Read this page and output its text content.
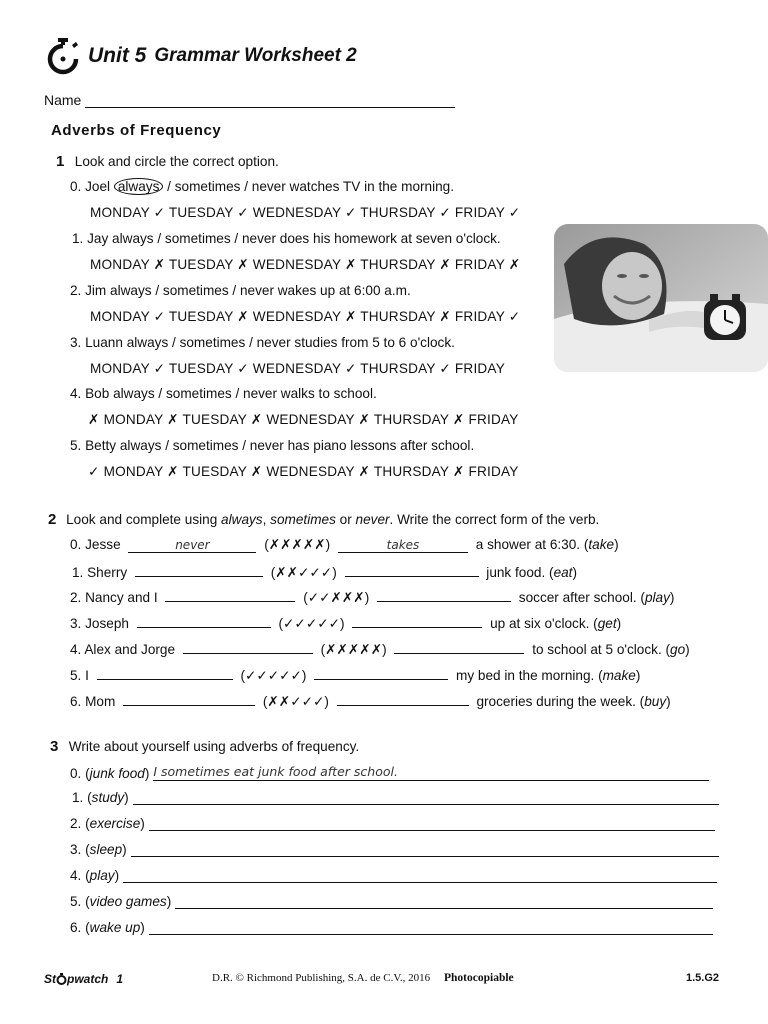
Unit 5 Grammar Worksheet 2
Name
Adverbs of Frequency
1 Look and circle the correct option.
0. Joel always / sometimes / never watches TV in the morning.
MONDAY ✓ TUESDAY ✓ WEDNESDAY ✓ THURSDAY ✓ FRIDAY ✓
1. Jay always / sometimes / never does his homework at seven o'clock.
MONDAY ✗ TUESDAY ✗ WEDNESDAY ✗ THURSDAY ✗ FRIDAY ✗
2. Jim always / sometimes / never wakes up at 6:00 a.m.
MONDAY ✓ TUESDAY ✗ WEDNESDAY ✗ THURSDAY ✗ FRIDAY ✓
3. Luann always / sometimes / never studies from 5 to 6 o'clock.
MONDAY ✓ TUESDAY ✓ WEDNESDAY ✓ THURSDAY ✓ FRIDAY
4. Bob always / sometimes / never walks to school.
✗ MONDAY ✗ TUESDAY ✗ WEDNESDAY ✗ THURSDAY ✗ FRIDAY
5. Betty always / sometimes / never has piano lessons after school.
✓ MONDAY ✗ TUESDAY ✗ WEDNESDAY ✗ THURSDAY ✗ FRIDAY
2 Look and complete using always, sometimes or never. Write the correct form of the verb.
0. Jesse	never	(✗✗✗✗✗)	takes	a shower at 6:30. (take)
1. Sherry	(✗✗✓✓✓)	junk food. (eat)
2. Nancy and I	(✓✓✗✗✗)	soccer after school. (play)
3. Joseph	(✓✓✓✓✓)	up at six o'clock. (get)
4. Alex and Jorge	(✗✗✗✗✗)	to school at 5 o'clock. (go)
5. I	(✓✓✓✓✓)	my bed in the morning. (make)
6. Mom	(✗✗✓✓✓)	groceries during the week. (buy)
3 Write about yourself using adverbs of frequency.
0. ( junk food ) I sometimes eat junk food after school.
1. ( study )
2. ( exercise )
3. ( sleep )
4. ( play )
5. ( video games )
6. ( wake up )
St pwatch 1	D.R. © Richmond Publishing, S.A. de C.V., 2016 Photocopiable	1.5.G2
